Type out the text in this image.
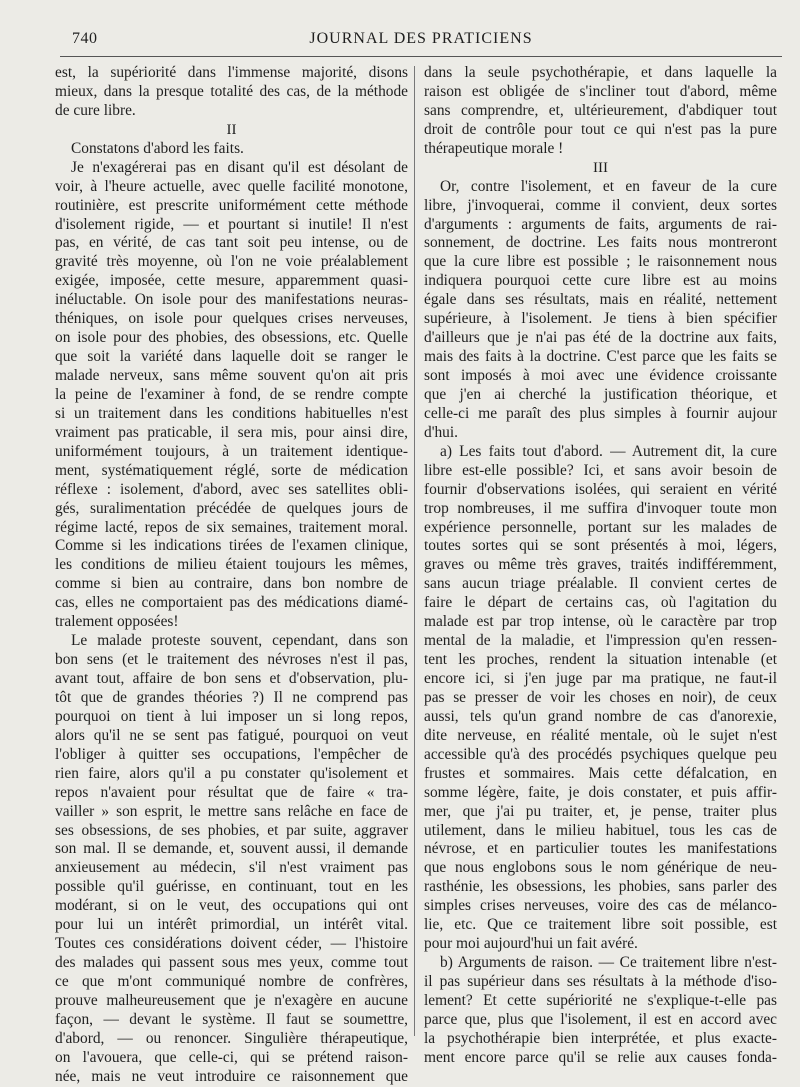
740	JOURNAL DES PRATICIENS
est, la supériorité dans l'immense majorité, disons
mieux, dans la presque totalité des cas, de la méthode
de cure libre.
II
Constatons d'abord les faits.
Je n'exagérerai pas en disant qu'il est désolant de
voir, à l'heure actuelle, avec quelle facilité monotone,
routinière, est prescrite uniformément cette méthode
d'isolement rigide, — et pourtant si inutile! Il n'est
pas, en vérité, de cas tant soit peu intense, ou de
gravité très moyenne, où l'on ne voie préalablement
exigée, imposée, cette mesure, apparemment quasi-
inéluctable. On isole pour des manifestations neuras-
théniques, on isole pour quelques crises nerveuses,
on isole pour des phobies, des obsessions, etc. Quelle
que soit la variété dans laquelle doit se ranger le
malade nerveux, sans même souvent qu'on ait pris
la peine de l'examiner à fond, de se rendre compte
si un traitement dans les conditions habituelles n'est
vraiment pas praticable, il sera mis, pour ainsi dire,
uniformément toujours, à un traitement identique-
ment, systématiquement réglé, sorte de médication
réflexe : isolement, d'abord, avec ses satellites obli-
gés, suralimentation précédée de quelques jours de
régime lacté, repos de six semaines, traitement moral.
Comme si les indications tirées de l'examen clinique,
les conditions de milieu étaient toujours les mêmes,
comme si bien au contraire, dans bon nombre de
cas, elles ne comportaient pas des médications diamé-
tralement opposées!
Le malade proteste souvent, cependant, dans son
bon sens (et le traitement des névroses n'est il pas,
avant tout, affaire de bon sens et d'observation, plu-
tôt que de grandes théories ?) Il ne comprend pas
pourquoi on tient à lui imposer un si long repos,
alors qu'il ne se sent pas fatigué, pourquoi on veut
l'obliger à quitter ses occupations, l'empêcher de
rien faire, alors qu'il a pu constater qu'isolement et
repos n'avaient pour résultat que de faire « tra-
vailler » son esprit, le mettre sans relâche en face de
ses obsessions, de ses phobies, et par suite, aggraver
son mal. Il se demande, et, souvent aussi, il demande
anxieusement au médecin, s'il n'est vraiment pas
possible qu'il guérisse, en continuant, tout en les
modérant, si on le veut, des occupations qui ont
pour lui un intérêt primordial, un intérêt vital.
Toutes ces considérations doivent céder, — l'histoire
des malades qui passent sous mes yeux, comme tout
ce que m'ont communiqué nombre de confrères,
prouve malheureusement que je n'exagère en aucune
façon, — devant le système. Il faut se soumettre,
d'abord, — ou renoncer. Singulière thérapeutique,
on l'avouera, que celle-ci, qui se prétend raison-
née, mais ne veut introduire ce raisonnement que
dans la seule psychothérapie, et dans laquelle la
raison est obligée de s'incliner tout d'abord, même
sans comprendre, et, ultérieurement, d'abdiquer tout
droit de contrôle pour tout ce qui n'est pas la pure
thérapeutique morale !
III
Or, contre l'isolement, et en faveur de la cure
libre, j'invoquerai, comme il convient, deux sortes
d'arguments : arguments de faits, arguments de rai-
sonnement, de doctrine. Les faits nous montreront
que la cure libre est possible ; le raisonnement nous
indiquera pourquoi cette cure libre est au moins
égale dans ses résultats, mais en réalité, nettement
supérieure, à l'isolement. Je tiens à bien spécifier
d'ailleurs que je n'ai pas été de la doctrine aux faits,
mais des faits à la doctrine. C'est parce que les faits se
sont imposés à moi avec une évidence croissante
que j'en ai cherché la justification théorique, et
celle-ci me paraît des plus simples à fournir aujour
d'hui.
a) Les faits tout d'abord. — Autrement dit, la cure
libre est-elle possible? Ici, et sans avoir besoin de
fournir d'observations isolées, qui seraient en vérité
trop nombreuses, il me suffira d'invoquer toute mon
expérience personnelle, portant sur les malades de
toutes sortes qui se sont présentés à moi, légers,
graves ou même très graves, traités indifféremment,
sans aucun triage préalable. Il convient certes de
faire le départ de certains cas, où l'agitation du
malade est par trop intense, où le caractère par trop
mental de la maladie, et l'impression qu'en ressen-
tent les proches, rendent la situation intenable (et
encore ici, si j'en juge par ma pratique, ne faut-il
pas se presser de voir les choses en noir), de ceux
aussi, tels qu'un grand nombre de cas d'anorexie,
dite nerveuse, en réalité mentale, où le sujet n'est
accessible qu'à des procédés psychiques quelque peu
frustes et sommaires. Mais cette défalcation, en
somme légère, faite, je dois constater, et puis affir-
mer, que j'ai pu traiter, et, je pense, traiter plus
utilement, dans le milieu habituel, tous les cas de
névrose, et en particulier toutes les manifestations
que nous englobons sous le nom générique de neu-
rasthénie, les obsessions, les phobies, sans parler des
simples crises nerveuses, voire des cas de mélanco-
lie, etc. Que ce traitement libre soit possible, est
pour moi aujourd'hui un fait avéré.
b) Arguments de raison. — Ce traitement libre n'est-
il pas supérieur dans ses résultats à la méthode d'iso-
lement? Et cette supériorité ne s'explique-t-elle pas
parce que, plus que l'isolement, il est en accord avec
la psychothérapie bien interprétée, et plus exacte-
ment encore parce qu'il se relie aux causes fonda-
